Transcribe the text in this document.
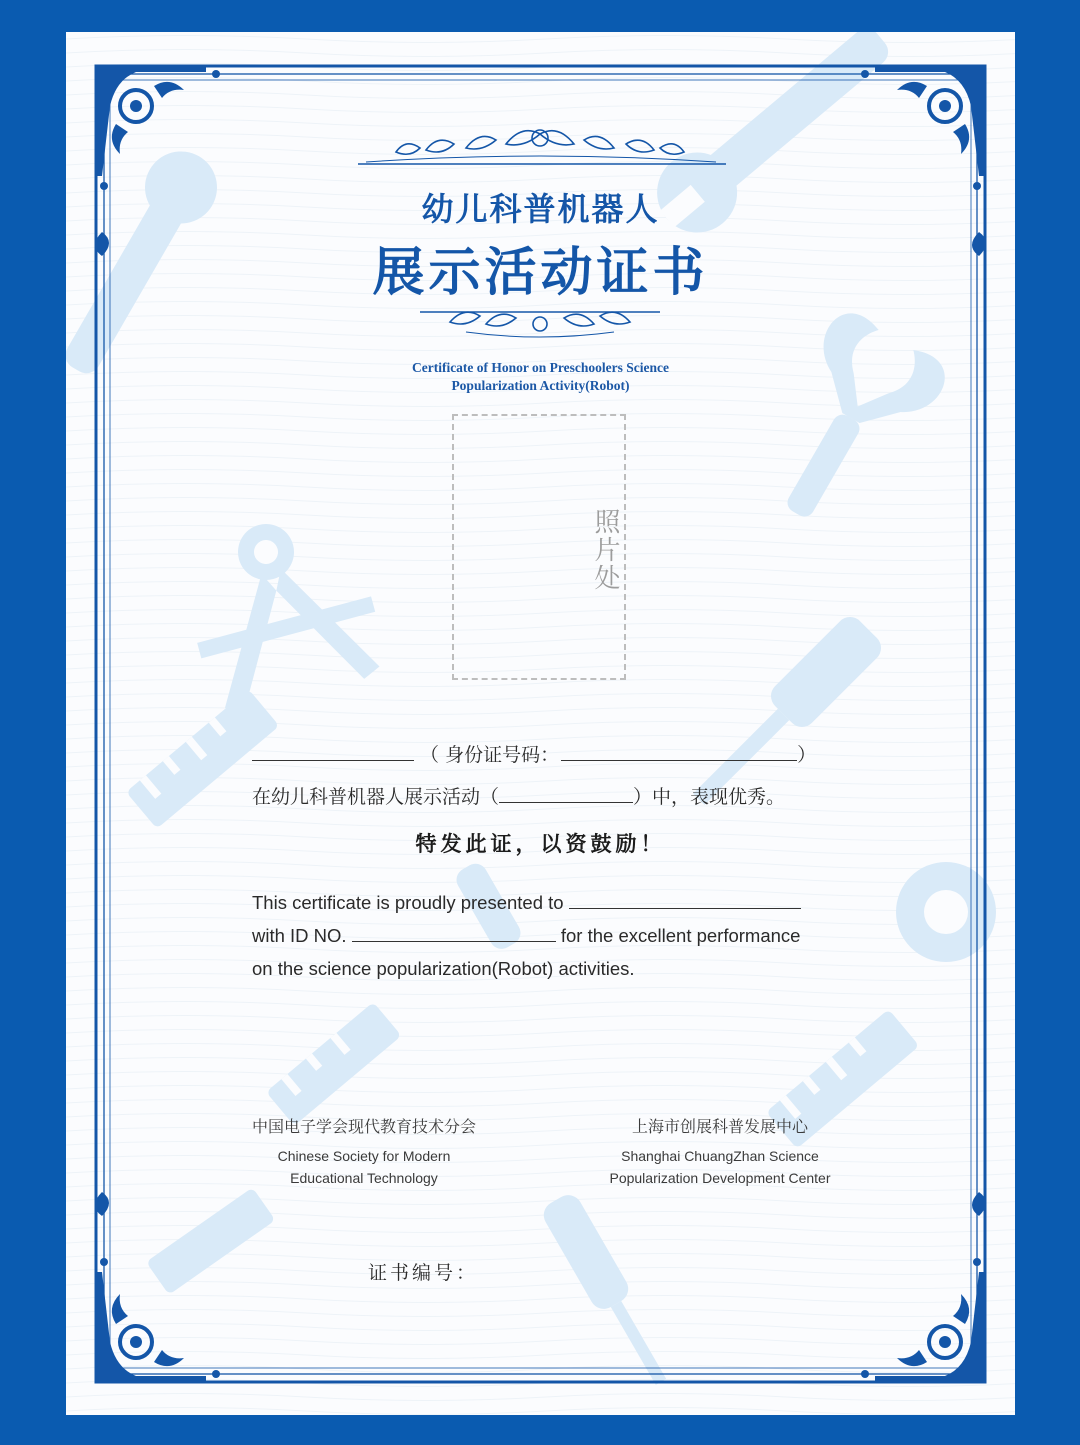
幼儿科普机器人
展示活动证书
Certificate of Honor on Preschoolers Science
Popularization Activity(Robot)
照片处
（ 身份证号码：	）
在幼儿科普机器人展示活动（	）中，表现优秀。
特发此证，以资鼓励！
This certificate is proudly presented to
with ID NO.	for the excellent performance
on the science popularization(Robot) activities.
中国电子学会现代教育技术分会
Chinese Society for Modern
Educational Technology
上海市创展科普发展中心
Shanghai ChuangZhan Science
Popularization Development Center
证书编号：
